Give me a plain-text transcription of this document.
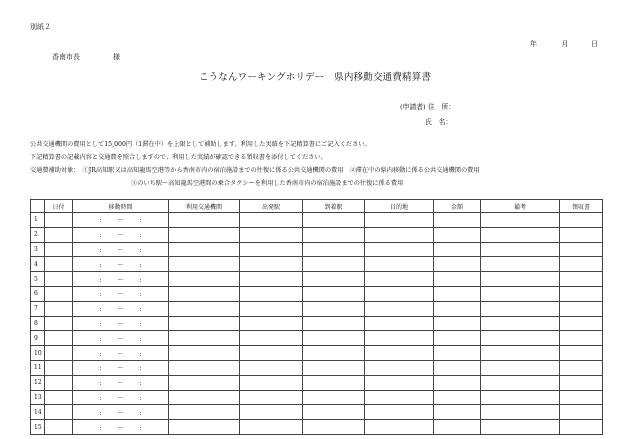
別紙２
年	月	日
香南市長	様
こうなんワーキングホリデー　県内移動交通費精算書
(申請者) 住　所：
氏　名：
公共交通機関の費用として15,000円（1滞在中）を上限として補助します。利用した実績を下記精算書にご記入ください。
下記精算書の記載内容と交通費を照合しますので、利用した実績が確認できる領収書を添付してください。
交通費補助対象：　①JR高知駅又は高知龍馬空港等から香南市内の宿泊施設までの往復に係る公共交通機関の費用　②滞在中の県内移動に係る公共交通機関の費用
③のいち駅～高知龍馬空港間の乗合タクシーを利用した香南市内の宿泊施設までの往復に係る費用
	日付	移動時間	利用交通機関	出発駅	到着駅	目的地	金額	備考	領収書
1		: 〜 :							
2		: 〜 :							
3		: 〜 :							
4		: 〜 :							
5		: 〜 :							
6		: 〜 :							
7		: 〜 :							
8		: 〜 :							
9		: 〜 :							
10		: 〜 :							
11		: 〜 :							
12		: 〜 :							
13		: 〜 :							
14		: 〜 :							
15		: 〜 :							
